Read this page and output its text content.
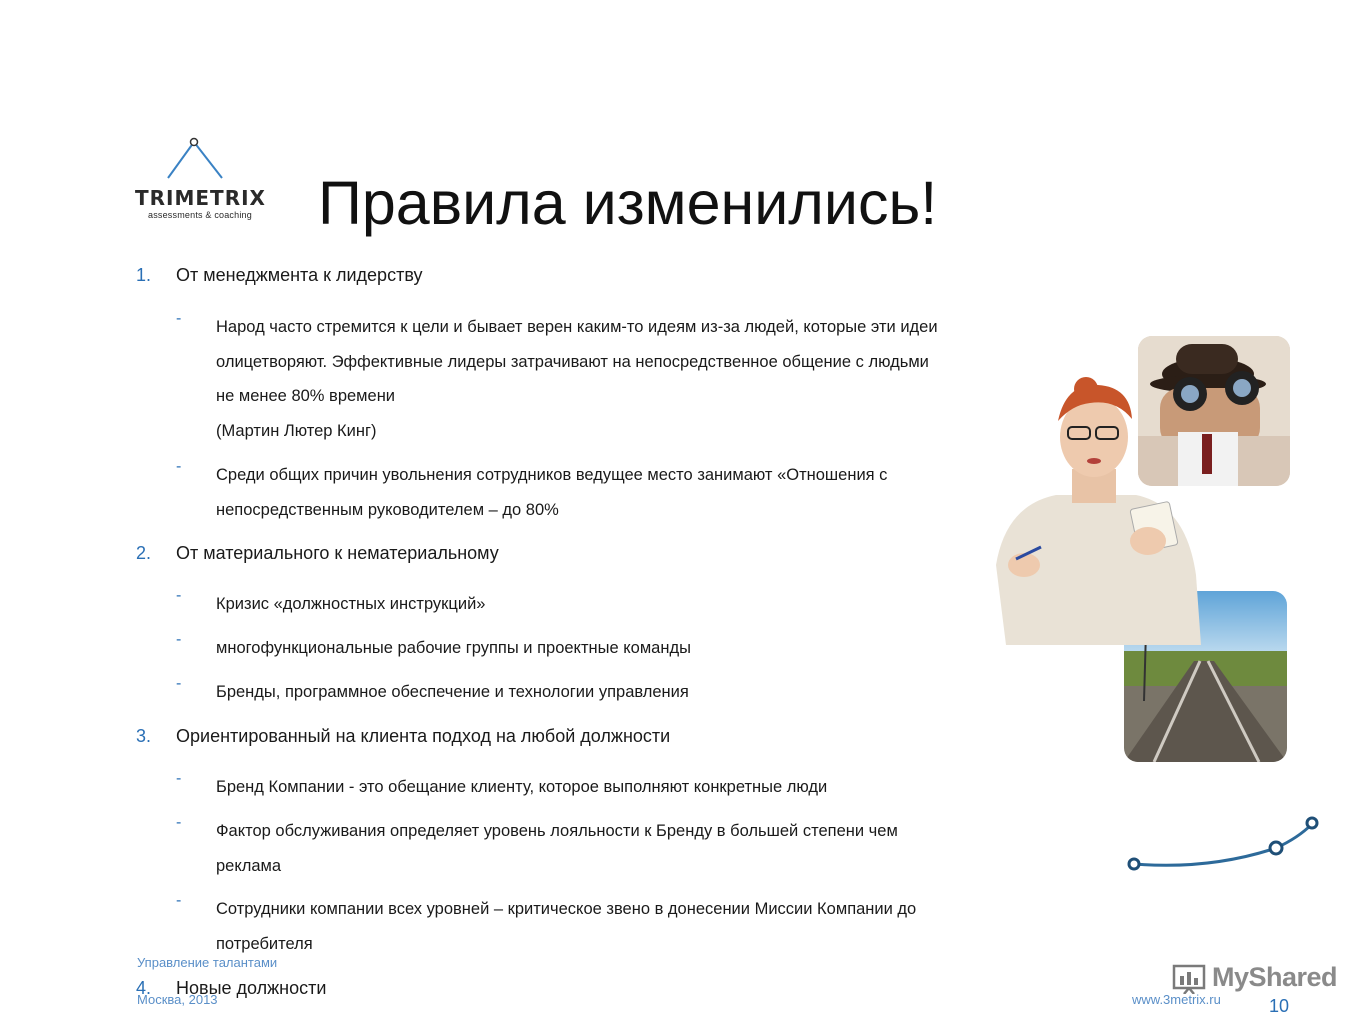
TRIMETRIX
assessments & coaching Правила изменились!
1. От менеджмента к лидерству
- Народ часто стремится к цели и бывает верен каким-то идеям из-за людей, которые эти идеи
олицетворяют. Эффективные лидеры затрачивают на непосредственное общение с людьми
не менее 80% времени
(Мартин Лютер Кинг)
- Среди общих причин увольнения сотрудников ведущее место занимают «Отношения с
непосредственным руководителем – до 80%
2. От материального к нематериальному
- Кризис «должностных инструкций»
- многофункциональные рабочие группы и проектные команды
- Бренды, программное обеспечение и технологии управления
3. Ориентированный на клиента подход на любой должности
- Бренд Компании - это обещание клиенту, которое выполняют конкретные люди
- Фактор обслуживания определяет уровень лояльности к Бренду в большей степени чем
реклама
- Сотрудники компании всех уровней – критическое звено в донесении Миссии Компании до
потребителя
4. Новые должности
Управление талантами
Москва, 2013	www.3metrix.ru	10
MyShared
